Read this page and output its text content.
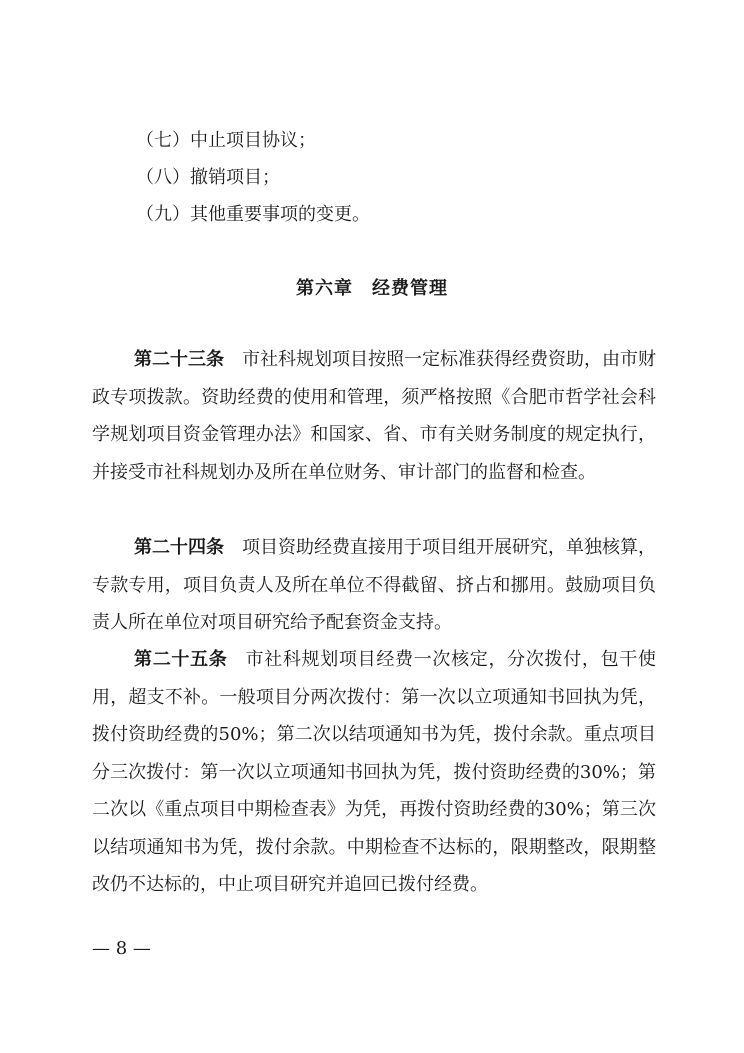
（七）中止项目协议；
（八）撤销项目；
（九）其他重要事项的变更。
第六章　经费管理

第二十三条 市社科规划项目按照一定标准获得经费资助，由市财政专项拨款。资助经费的使用和管理，须严格按照《合肥市哲学社会科学规划项目资金管理办法》和国家、省、市有关财务制度的规定执行，并接受市社科规划办及所在单位财务、审计部门的监督和检查。

第二十四条 项目资助经费直接用于项目组开展研究，单独核算，专款专用，项目负责人及所在单位不得截留、挤占和挪用。鼓励项目负责人所在单位对项目研究给予配套资金支持。

第二十五条 市社科规划项目经费一次核定，分次拨付，包干使用，超支不补。一般项目分两次拨付：第一次以立项通知书回执为凭，拨付资助经费的50%；第二次以结项通知书为凭，拨付余款。重点项目分三次拨付：第一次以立项通知书回执为凭，拨付资助经费的30%；第二次以《重点项目中期检查表》为凭，再拨付资助经费的30%；第三次以结项通知书为凭，拨付余款。中期检查不达标的，限期整改，限期整改仍不达标的，中止项目研究并追回已拨付经费。

— 8 —
